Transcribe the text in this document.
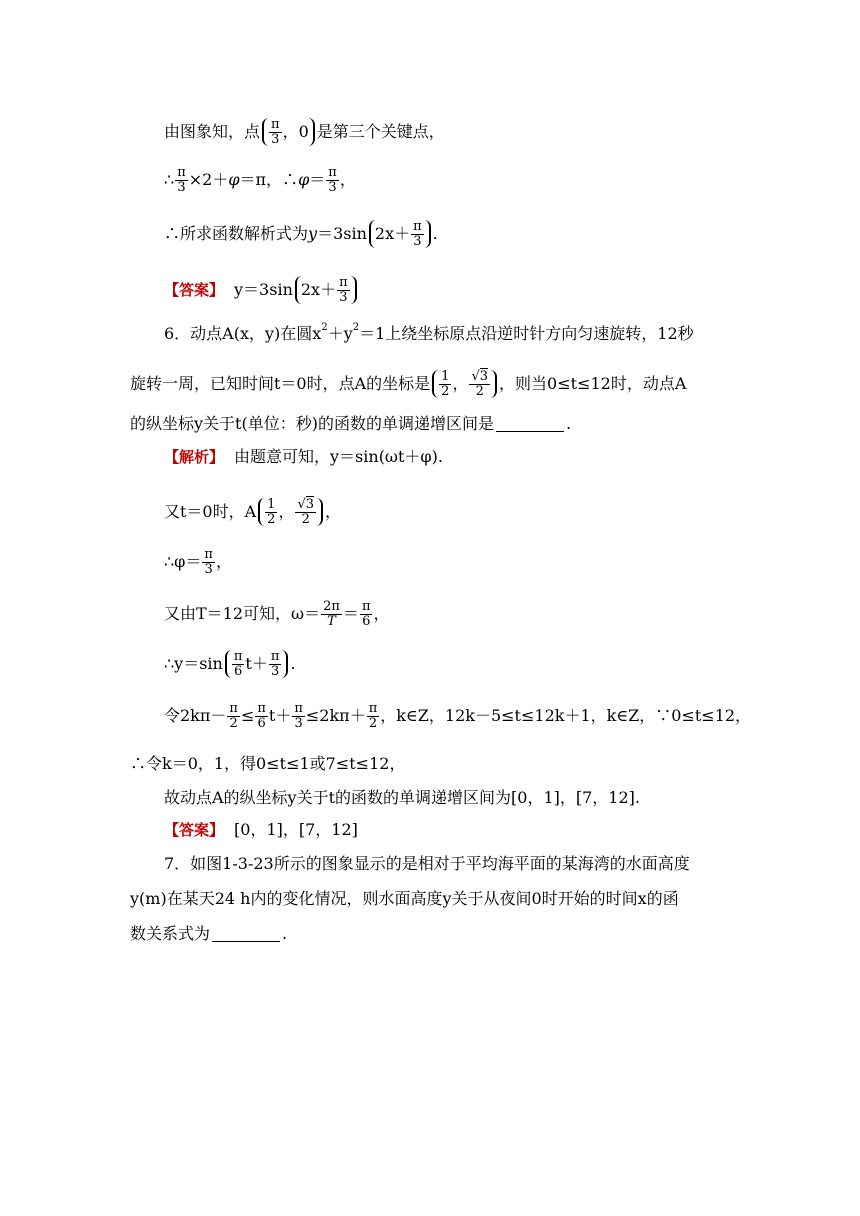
由图象知，点 $\frac{\pi}{3}$ ， 0 是第三个关键点，
∴ $\frac{\pi}{3} \times 2+ \varphi =\pi$，∴ $\varphi = \frac{\pi}{3}$ ，
∴所求函数解析式为 y ＝3sin $2x+ \frac{\pi}{3}$ .
【答案】 y＝3sin $2x+ \frac{\pi}{3}$
6．动点A(x，y)在圆x 2 ＋y 2 ＝1上绕坐标原点沿逆时针方向匀速旋转，12秒
旋转一周，已知时间t＝0时，点A的坐标是 $\frac{1}{2}$ ， $\frac{√3}{2}$ ，则当0≤t≤12时，动点A
的纵坐标y关于t(单位：秒)的函数的单调递增区间是	.
【解析】 由题意可知，y＝sin(ωt＋φ).
又t＝0时，A $\frac{1}{2}$ ， $\frac{√3}{2}$ ，
∴φ＝ $\frac{\pi}{3}$ ，
又由T＝12可知，$\omega= \frac{2\pi}{T} = \frac{\pi}{6}$ ，
∴y＝sin $\frac{\pi}{6} t+ \frac{\pi}{3}$ .
令$2k\pi- \frac{\pi}{2} \le \frac{\pi}{6} t+ \frac{\pi}{3} \le 2k\pi+ \frac{\pi}{2}$ ，k∈Z，12k－5≤t≤12k＋1，k∈Z，∵0≤t≤12，
∴令k＝0，1，得0≤t≤1或7≤t≤12，
故动点A的纵坐标y关于t的函数的单调递增区间为[0，1]，[7，12].
【答案】 [0，1]，[7，12]
7．如图1-3-23所示的图象显示的是相对于平均海平面的某海湾的水面高度
y(m)在某天24 h内的变化情况，则水面高度y关于从夜间0时开始的时间x的函
数关系式为	.
